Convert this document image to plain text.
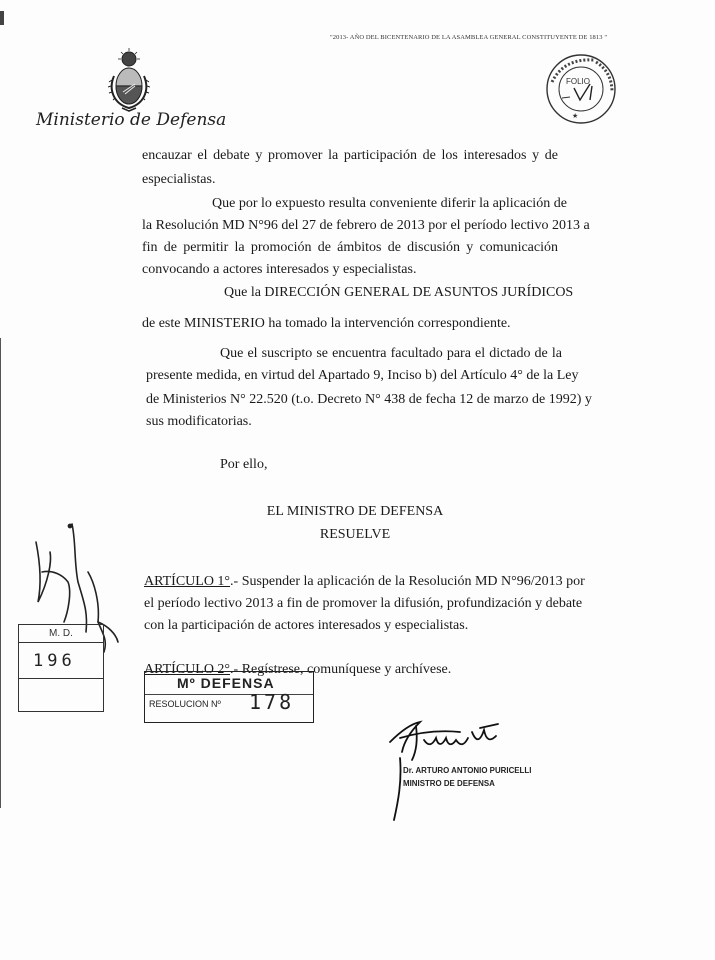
"2013- AÑO DEL BICENTENARIO DE LA ASAMBLEA GENERAL CONSTITUYENTE DE 1813 "
Ministerio de Defensa
FOLIO
★
encauzar el debate y promover la participación de los interesados y de
especialistas.
Que por lo expuesto resulta conveniente diferir la aplicación de
la Resolución MD N°96 del 27 de febrero de 2013 por el período lectivo 2013 a
fin de permitir la promoción de ámbitos de discusión y comunicación
convocando a actores interesados y especialistas.
Que la DIRECCIÓN GENERAL DE ASUNTOS JURÍDICOS
de este MINISTERIO ha tomado la intervención correspondiente.
Que el suscripto se encuentra facultado para el dictado de la
presente medida, en virtud del Apartado 9, Inciso b) del Artículo 4° de la Ley
de Ministerios N° 22.520 (t.o. Decreto N° 438 de fecha 12 de marzo de 1992) y
sus modificatorias.
Por ello,
EL MINISTRO DE DEFENSA
RESUELVE
ARTÍCULO 1°.- Suspender la aplicación de la Resolución MD N°96/2013 por
el período lectivo 2013 a fin de promover la difusión, profundización y debate
con la participación de actores interesados y especialistas.
ARTÍCULO 2°.- Regístrese, comuníquese y archívese.
M. D.
196
Mº DEFENSA
RESOLUCION Nº 178
Dr. ARTURO ANTONIO PURICELLI
MINISTRO DE DEFENSA
